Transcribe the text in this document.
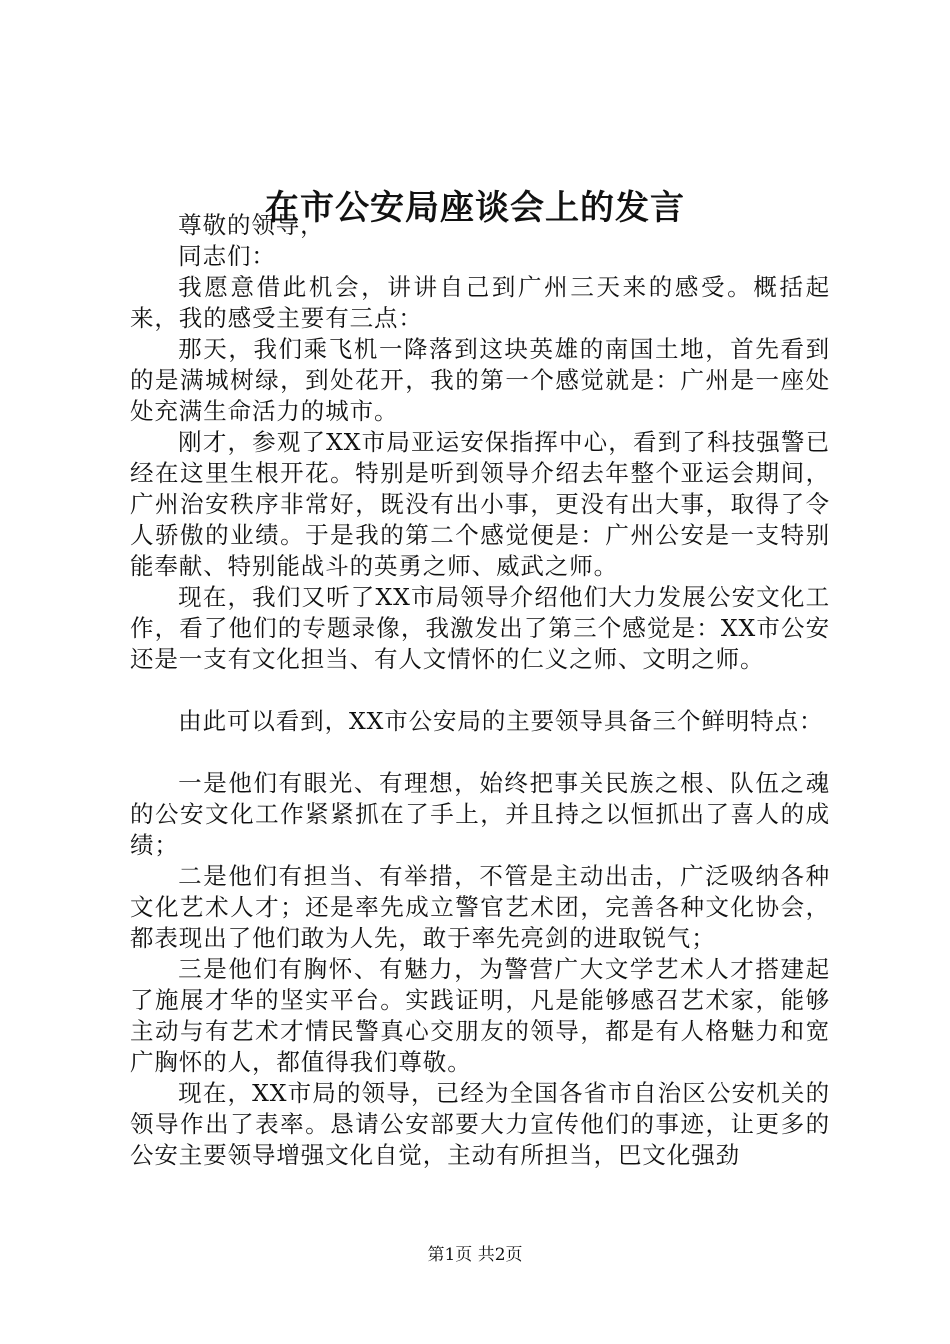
在市公安局座谈会上的发言

尊敬的领导，

同志们：

我愿意借此机会，讲讲自己到广州三天来的感受。概括起来，我的感受主要有三点：

那天，我们乘飞机一降落到这块英雄的南国土地，首先看到的是满城树绿，到处花开，我的第一个感觉就是：广州是一座处处充满生命活力的城市。

刚才，参观了XX市局亚运安保指挥中心，看到了科技强警已经在这里生根开花。特别是听到领导介绍去年整个亚运会期间，广州治安秩序非常好，既没有出小事，更没有出大事，取得了令人骄傲的业绩。于是我的第二个感觉便是：广州公安是一支特别能奉献、特别能战斗的英勇之师、威武之师。

现在，我们又听了XX市局领导介绍他们大力发展公安文化工作，看了他们的专题录像，我激发出了第三个感觉是：XX市公安还是一支有文化担当、有人文情怀的仁义之师、文明之师。

由此可以看到，XX市公安局的主要领导具备三个鲜明特点：

一是他们有眼光、有理想，始终把事关民族之根、队伍之魂的公安文化工作紧紧抓在了手上，并且持之以恒抓出了喜人的成绩；

二是他们有担当、有举措，不管是主动出击，广泛吸纳各种文化艺术人才；还是率先成立警官艺术团，完善各种文化协会，都表现出了他们敢为人先，敢于率先亮剑的进取锐气；

三是他们有胸怀、有魅力，为警营广大文学艺术人才搭建起了施展才华的坚实平台。实践证明，凡是能够感召艺术家，能够主动与有艺术才情民警真心交朋友的领导，都是有人格魅力和宽广胸怀的人，都值得我们尊敬。

现在，XX市局的领导，已经为全国各省市自治区公安机关的领导作出了表率。恳请公安部要大力宣传他们的事迹，让更多的公安主要领导增强文化自觉，主动有所担当，巴文化强劲

第1页 共2页
